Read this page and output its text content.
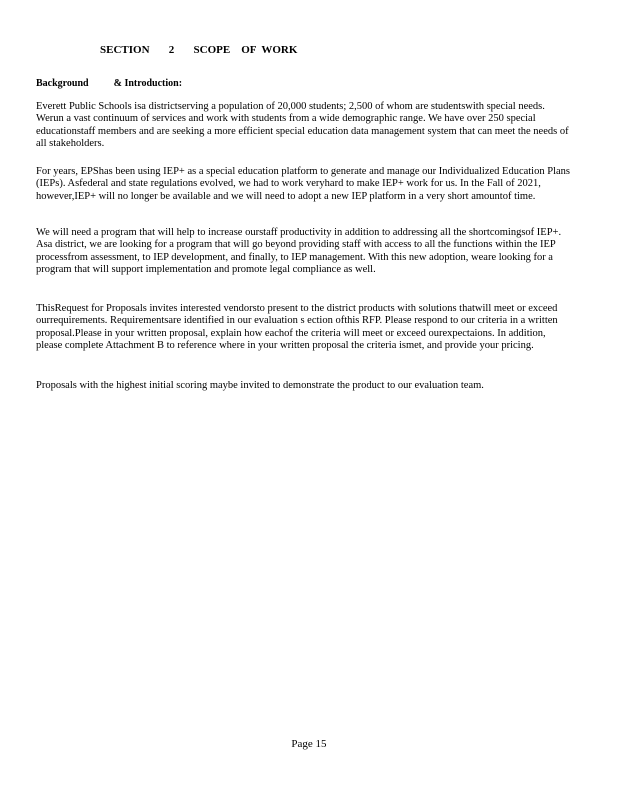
SECTION       2       SCOPE    OF  WORK
Background          & Introduction:

Everett Public Schools isa districtserving a population of 20,000 students; 2,500 of whom are studentswith special needs. Werun a vast continuum of services and work with students from a wide demographic range. We have over 250 special educationstaff members and are seeking a more efficient special education data management system that can meet the needs of all stakeholders.

For years, EPShas been using IEP+ as a special education platform to generate and manage our Individualized Education Plans (IEPs). Asfederal and state regulations evolved, we had to work veryhard to make IEP+ work for us. In the Fall of 2021, however,IEP+ will no longer be available and we will need to adopt a new IEP platform in a very short amountof time.

We will need a program that will help to increase ourstaff productivity in addition to addressing all the shortcomingsof IEP+. Asa district, we are looking for a program that will go beyond providing staff with access to all the functions within the IEP processfrom assessment, to IEP development, and finally, to IEP management. With this new adoption, weare looking for a program that will support implementation and promote legal compliance as well.

ThisRequest for Proposals invites interested vendorsto present to the district products with solutions thatwill meet or exceed ourrequirements. Requirementsare identified in our evaluation s ection ofthis RFP. Please respond to our criteria in a written proposal.Please in your written proposal, explain how eachof the criteria will meet or exceed ourexpectaions. In addition, please complete Attachment B to reference where in your written proposal the criteria ismet, and provide your pricing.

Proposals with the highest initial scoring maybe invited to demonstrate the product to our evaluation team.

Page 15
